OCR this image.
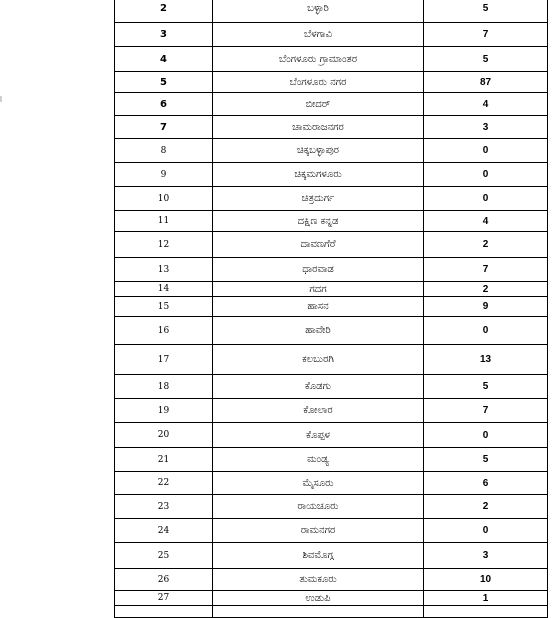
2	ಬಳ್ಳಾರಿ	5
3	ಬೆಳಗಾವಿ	7
4	ಬೆಂಗಳೂರು ಗ್ರಾಮಾಂತರ	5
5	ಬೆಂಗಳೂರು ನಗರ	87
6	ಬೀದರ್	4
7	ಚಾಮರಾಜನಗರ	3
8	ಚಿಕ್ಕಬಳ್ಳಾಪುರ	0
9	ಚಿಕ್ಕಮಗಳೂರು	0
10	ಚಿತ್ರದುರ್ಗ	0
11	ದಕ್ಷಿಣ ಕನ್ನಡ	4
12	ದಾವಣಗೆರೆ	2
13	ಧಾರವಾಡ	7
14	ಗದಗ	2
15	ಹಾಸನ	9
16	ಹಾವೇರಿ	0
17	ಕಲಬುರಗಿ	13
18	ಕೊಡಗು	5
19	ಕೋಲಾರ	7
20	ಕೊಪ್ಪಳ	0
21	ಮಂಡ್ಯ	5
22	ಮೈಸೂರು	6
23	ರಾಯಚೂರು	2
24	ರಾಮನಗರ	0
25	ಶಿವಮೊಗ್ಗ	3
26	ತುಮಕೂರು	10
27	ಉಡುಪಿ	1
